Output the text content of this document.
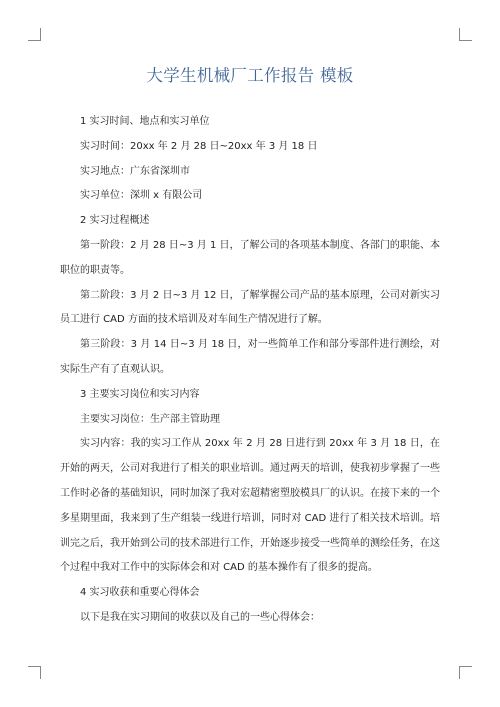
大学生机械厂工作报告 模板

1 实习时间、地点和实习单位

实习时间：20xx 年 2 月 28 日~20xx 年 3 月 18 日

实习地点：广东省深圳市

实习单位：深圳 x 有限公司

2 实习过程概述

第一阶段：2 月 28 日~3 月 1 日，了解公司的各项基本制度、各部门的职能、本职位的职责等。

第二阶段：3 月 2 日~3 月 12 日，了解掌握公司产品的基本原理，公司对新实习员工进行 CAD 方面的技术培训及对车间生产情况进行了解。

第三阶段：3 月 14 日~3 月 18 日，对一些简单工作和部分零部件进行测绘，对实际生产有了直观认识。

3 主要实习岗位和实习内容

主要实习岗位：生产部主管助理

实习内容：我的实习工作从 20xx 年 2 月 28 日进行到 20xx 年 3 月 18 日，在开始的两天，公司对我进行了相关的职业培训。通过两天的培训，使我初步掌握了一些工作时必备的基础知识，同时加深了我对宏超精密塑胶模具厂的认识。在接下来的一个多星期里面，我来到了生产组装一线进行培训，同时对 CAD 进行了相关技术培训。培训完之后，我开始到公司的技术部进行工作，开始逐步接受一些简单的测绘任务，在这个过程中我对工作中的实际体会和对 CAD 的基本操作有了很多的提高。

4 实习收获和重要心得体会

以下是我在实习期间的收获以及自己的一些心得体会：
